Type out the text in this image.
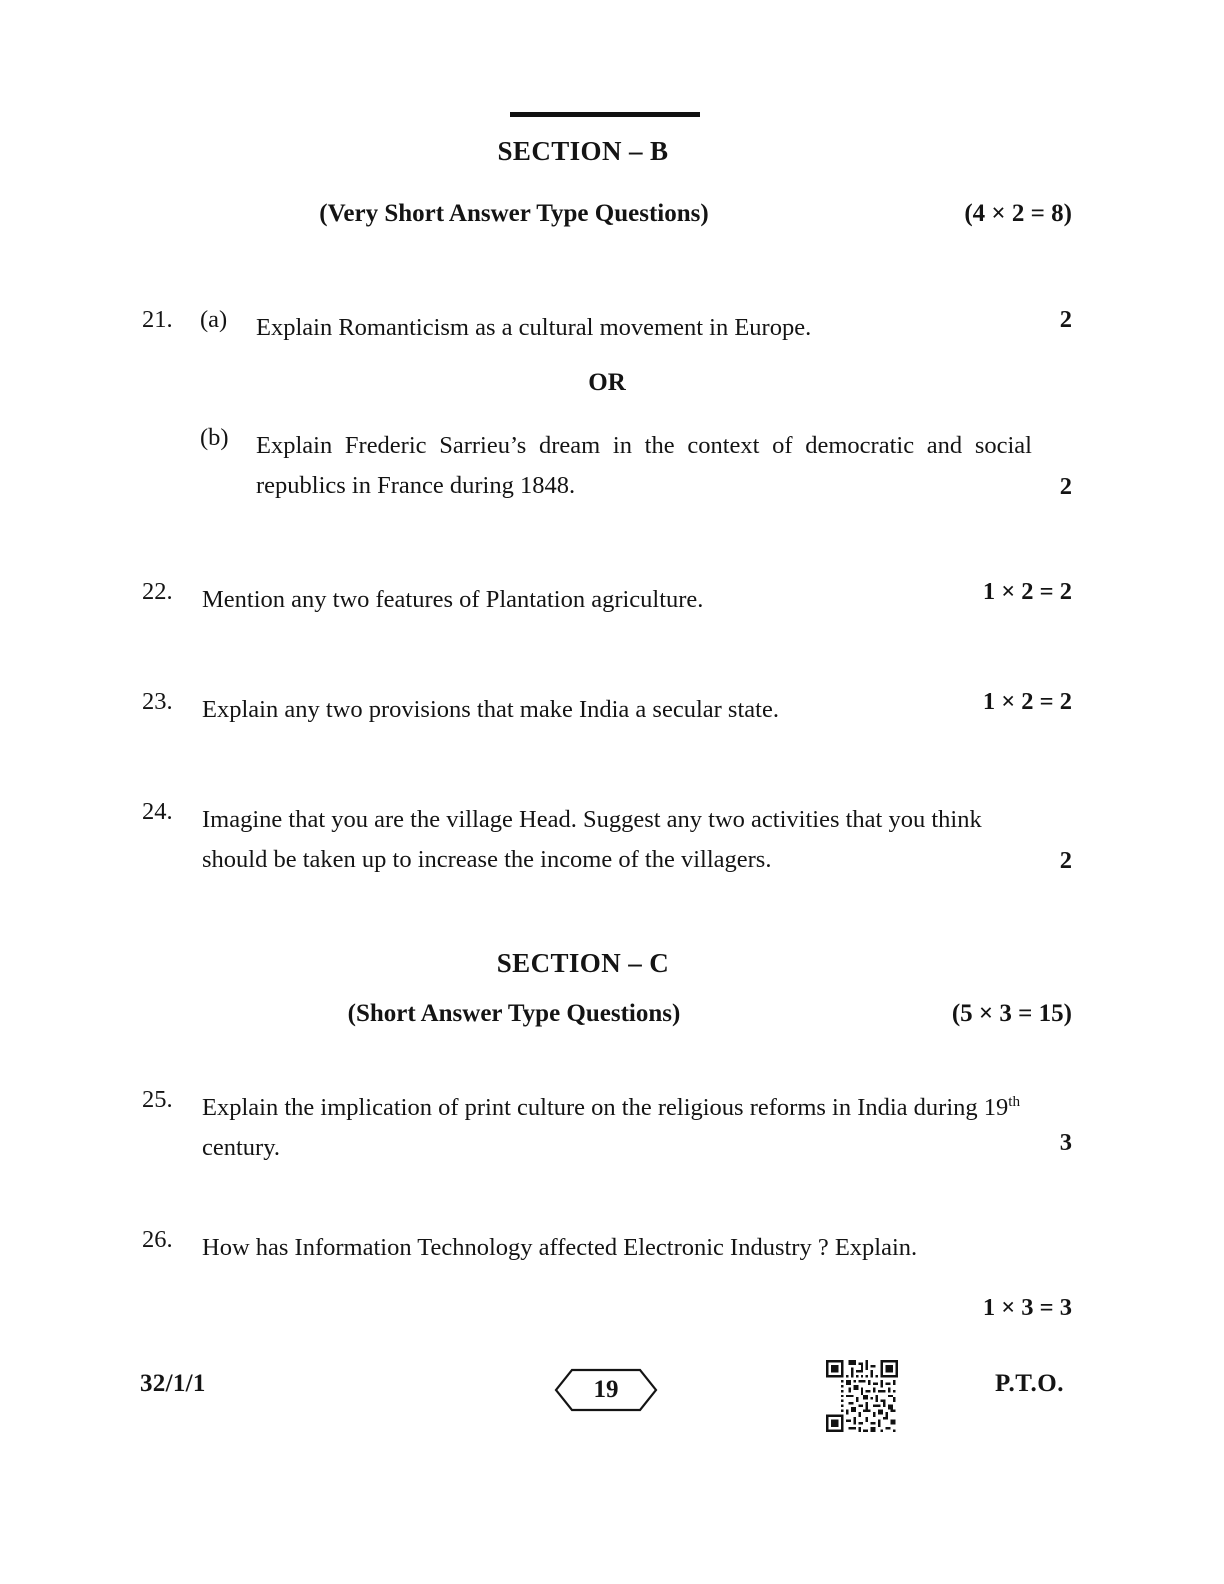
SECTION – B
(Very Short Answer Type Questions)	(4 × 2 = 8)
21.	(a)	Explain Romanticism as a cultural movement in Europe.	2
OR
(b)	Explain Frederic Sarrieu’s dream in the context of democratic and social republics in France during 1848.	2
22.	Mention any two features of Plantation agriculture.	1 × 2 = 2
23.	Explain any two provisions that make India a secular state.	1 × 2 = 2
24.	Imagine that you are the village Head. Suggest any two activities that you think should be taken up to increase the income of the villagers.	2
SECTION – C
(Short Answer Type Questions)	(5 × 3 = 15)
25.	Explain the implication of print culture on the religious reforms in India during 19th century.	3
26.	How has Information Technology affected Electronic Industry ? Explain.
1 × 3 = 3
32/1/1	19	P.T.O.
